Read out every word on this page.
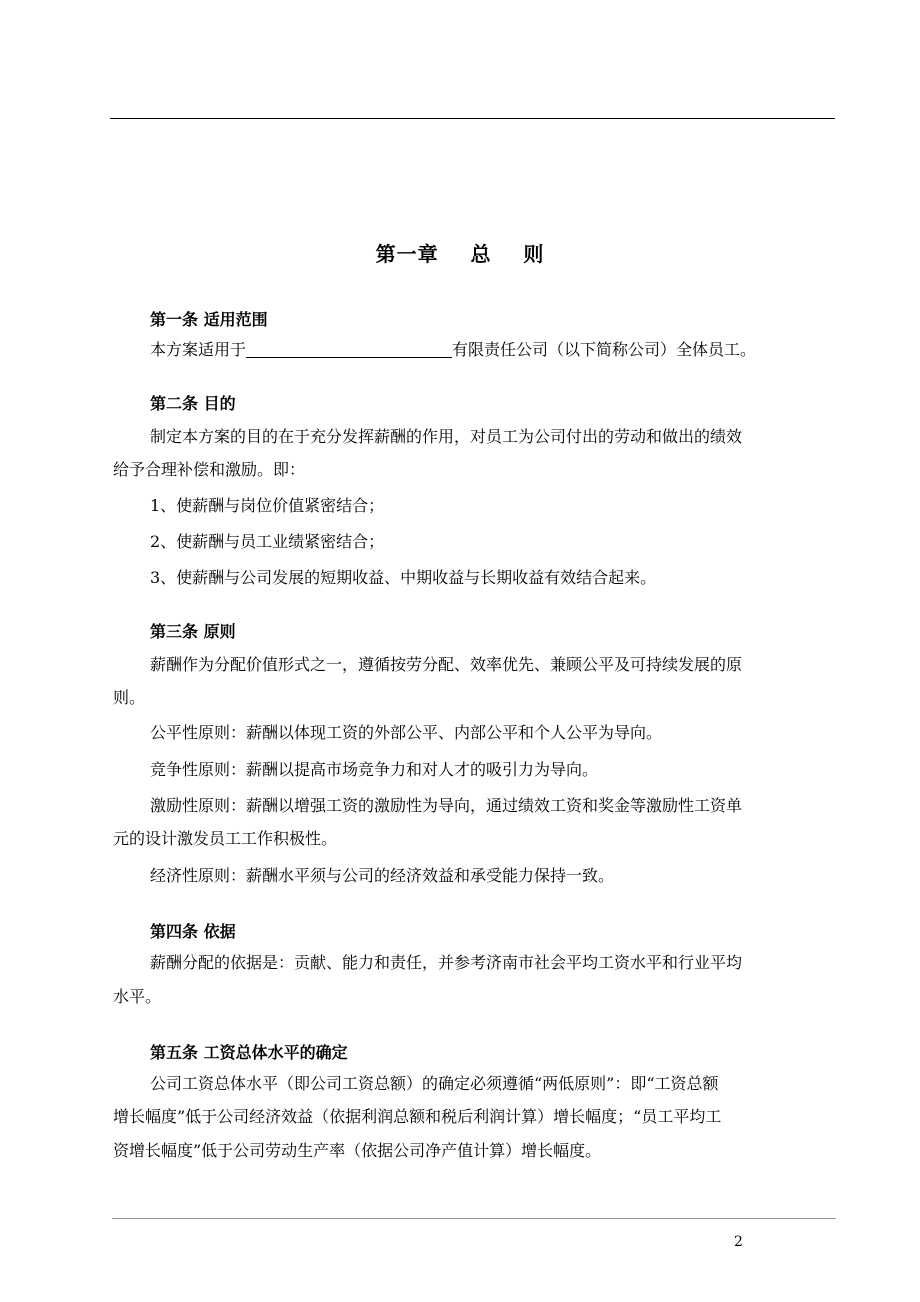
第一章    总    则
第一条 适用范围
本方案适用于	有限责任公司（以下简称公司）全体员工。
第二条 目的
制定本方案的目的在于充分发挥薪酬的作用，对员工为公司付出的劳动和做出的绩效
给予合理补偿和激励。即：
1、使薪酬与岗位价值紧密结合；
2、使薪酬与员工业绩紧密结合；
3、使薪酬与公司发展的短期收益、中期收益与长期收益有效结合起来。
第三条 原则
薪酬作为分配价值形式之一，遵循按劳分配、效率优先、兼顾公平及可持续发展的原
则。
公平性原则：薪酬以体现工资的外部公平、内部公平和个人公平为导向。
竞争性原则：薪酬以提高市场竞争力和对人才的吸引力为导向。
激励性原则：薪酬以增强工资的激励性为导向，通过绩效工资和奖金等激励性工资单
元的设计激发员工工作积极性。
经济性原则：薪酬水平须与公司的经济效益和承受能力保持一致。
第四条 依据
薪酬分配的依据是：贡献、能力和责任，并参考济南市社会平均工资水平和行业平均
水平。
第五条 工资总体水平的确定
公司工资总体水平（即公司工资总额）的确定必须遵循“两低原则”：即“工资总额
增长幅度”低于公司经济效益（依据利润总额和税后利润计算）增长幅度；“员工平均工
资增长幅度”低于公司劳动生产率（依据公司净产值计算）增长幅度。
2
